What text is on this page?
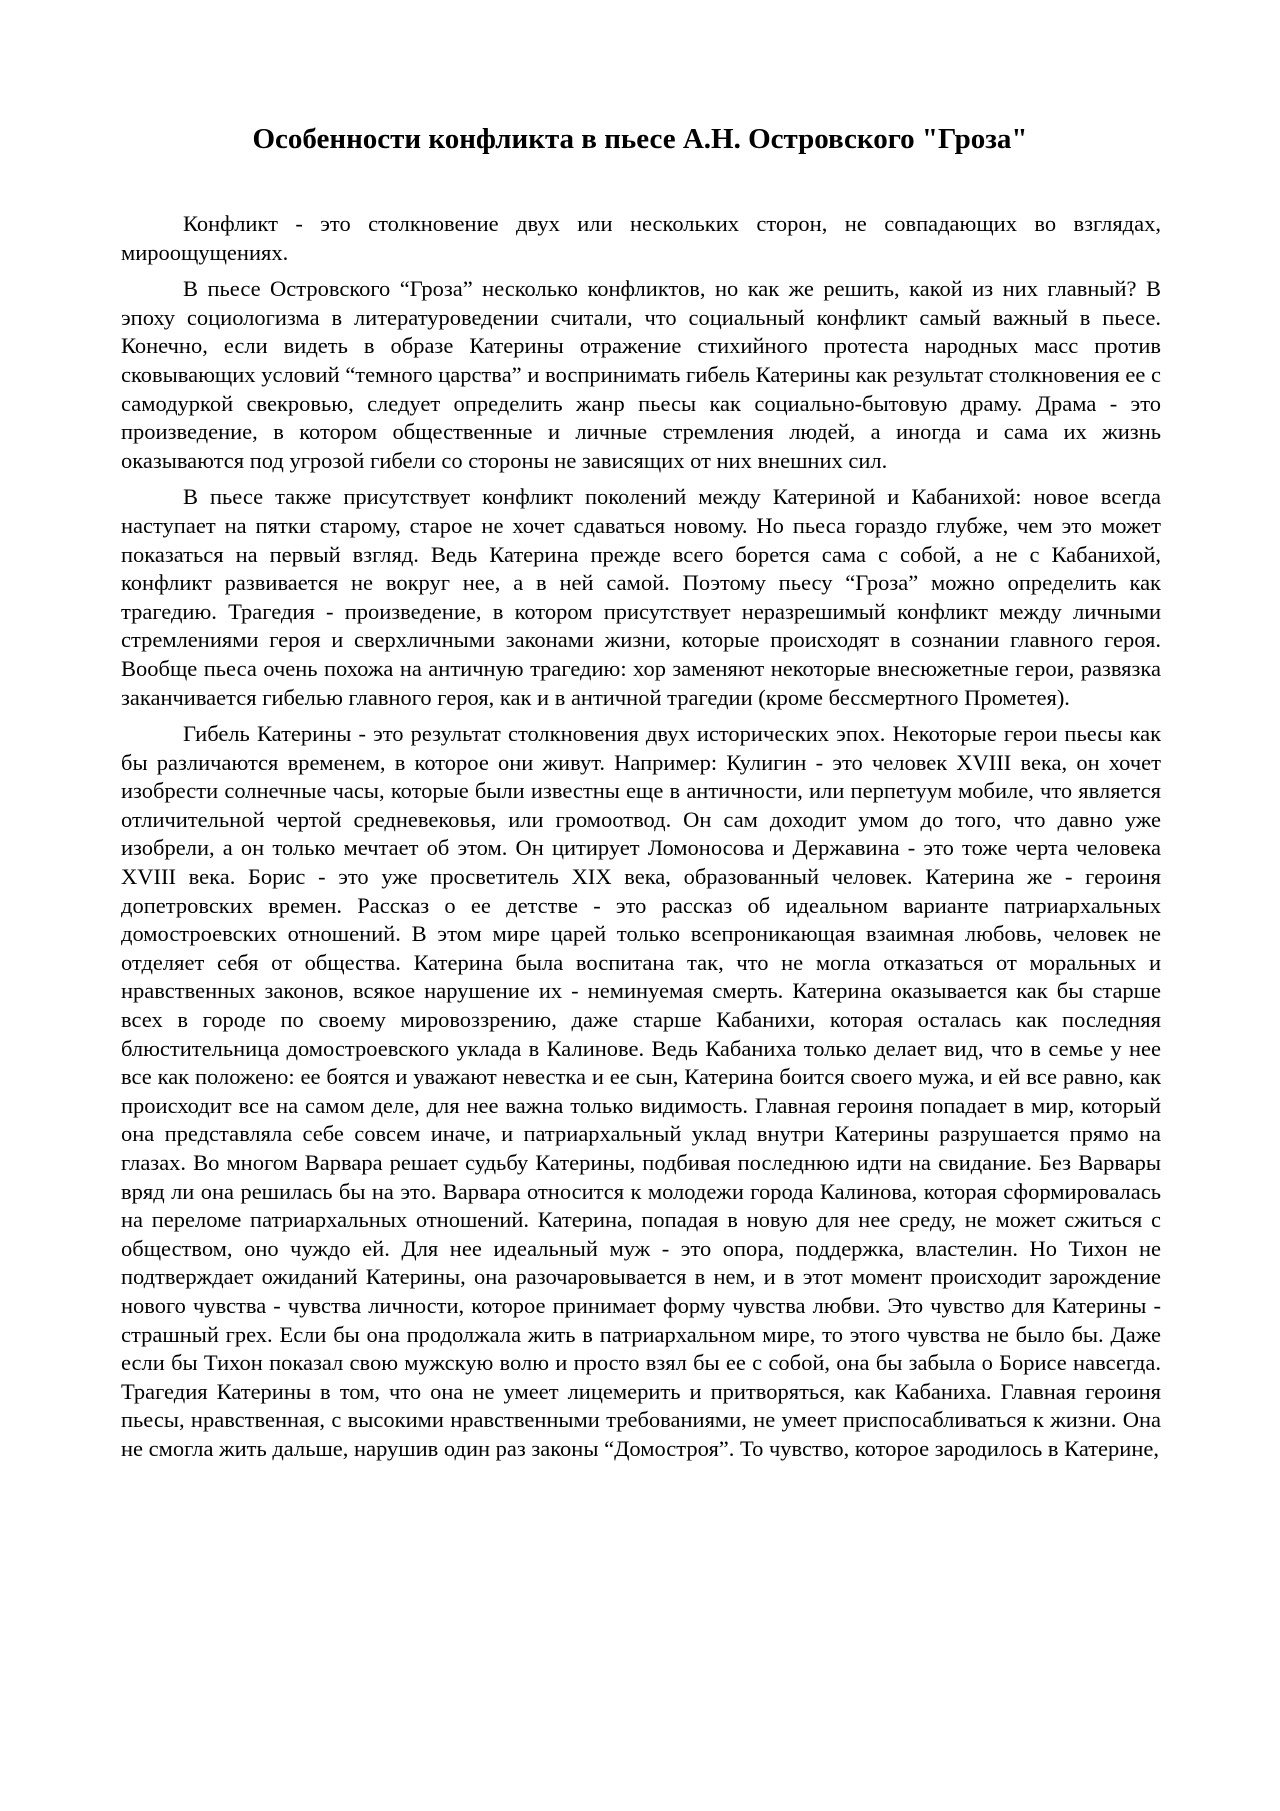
Особенности конфликта в пьесе А.Н. Островского "Гроза"

Конфликт - это столкновение двух или нескольких сторон, не совпадающих во взглядах, мироощущениях.

В пьесе Островского “Гроза” несколько конфликтов, но как же решить, какой из них главный? В эпоху социологизма в литературоведении считали, что социальный конфликт самый важный в пьесе. Конечно, если видеть в образе Катерины отражение стихийного протеста народных масс против сковывающих условий “темного царства” и воспринимать гибель Катерины как результат столкновения ее с самодуркой свекровью, следует определить жанр пьесы как социально-бытовую драму. Драма - это произведение, в котором общественные и личные стремления людей, а иногда и сама их жизнь оказываются под угрозой гибели со стороны не зависящих от них внешних сил.

В пьесе также присутствует конфликт поколений между Катериной и Кабанихой: новое всегда наступает на пятки старому, старое не хочет сдаваться новому. Но пьеса гораздо глубже, чем это может показаться на первый взгляд. Ведь Катерина прежде всего борется сама с собой, а не с Кабанихой, конфликт развивается не вокруг нее, а в ней самой. Поэтому пьесу “Гроза” можно определить как трагедию. Трагедия - произведение, в котором присутствует неразрешимый конфликт между личными стремлениями героя и сверхличными законами жизни, которые происходят в сознании главного героя. Вообще пьеса очень похожа на античную трагедию: хор заменяют некоторые внесюжетные герои, развязка заканчивается гибелью главного героя, как и в античной трагедии (кроме бессмертного Прометея).

Гибель Катерины - это результат столкновения двух исторических эпох. Некоторые герои пьесы как бы различаются временем, в которое они живут. Например: Кулигин - это человек XVIII века, он хочет изобрести солнечные часы, которые были известны еще в античности, или перпетуум мобиле, что является отличительной чертой средневековья, или громоотвод. Он сам доходит умом до того, что давно уже изобрели, а он только мечтает об этом. Он цитирует Ломоносова и Державина - это тоже черта человека XVIII века. Борис - это уже просветитель XIX века, образованный человек. Катерина же - героиня допетровских времен. Рассказ о ее детстве - это рассказ об идеальном варианте патриархальных домостроевских отношений. В этом мире царей только всепроникающая взаимная любовь, человек не отделяет себя от общества. Катерина была воспитана так, что не могла отказаться от моральных и нравственных законов, всякое нарушение их - неминуемая смерть. Катерина оказывается как бы старше всех в городе по своему мировоззрению, даже старше Кабанихи, которая осталась как последняя блюстительница домостроевского уклада в Калинове. Ведь Кабаниха только делает вид, что в семье у нее все как положено: ее боятся и уважают невестка и ее сын, Катерина боится своего мужа, и ей все равно, как происходит все на самом деле, для нее важна только видимость. Главная героиня попадает в мир, который она представляла себе совсем иначе, и патриархальный уклад внутри Катерины разрушается прямо на глазах. Во многом Варвара решает судьбу Катерины, подбивая последнюю идти на свидание. Без Варвары вряд ли она решилась бы на это. Варвара относится к молодежи города Калинова, которая сформировалась на переломе патриархальных отношений. Катерина, попадая в новую для нее среду, не может сжиться с обществом, оно чуждо ей. Для нее идеальный муж - это опора, поддержка, властелин. Но Тихон не подтверждает ожиданий Катерины, она разочаровывается в нем, и в этот момент происходит зарождение нового чувства - чувства личности, которое принимает форму чувства любви. Это чувство для Катерины - страшный грех. Если бы она продолжала жить в патриархальном мире, то этого чувства не было бы. Даже если бы Тихон показал свою мужскую волю и просто взял бы ее с собой, она бы забыла о Борисе навсегда. Трагедия Катерины в том, что она не умеет лицемерить и притворяться, как Кабаниха. Главная героиня пьесы, нравственная, с высокими нравственными требованиями, не умеет приспосабливаться к жизни. Она не смогла жить дальше, нарушив один раз законы “Домостроя”. То чувство, которое зародилось в Катерине,
